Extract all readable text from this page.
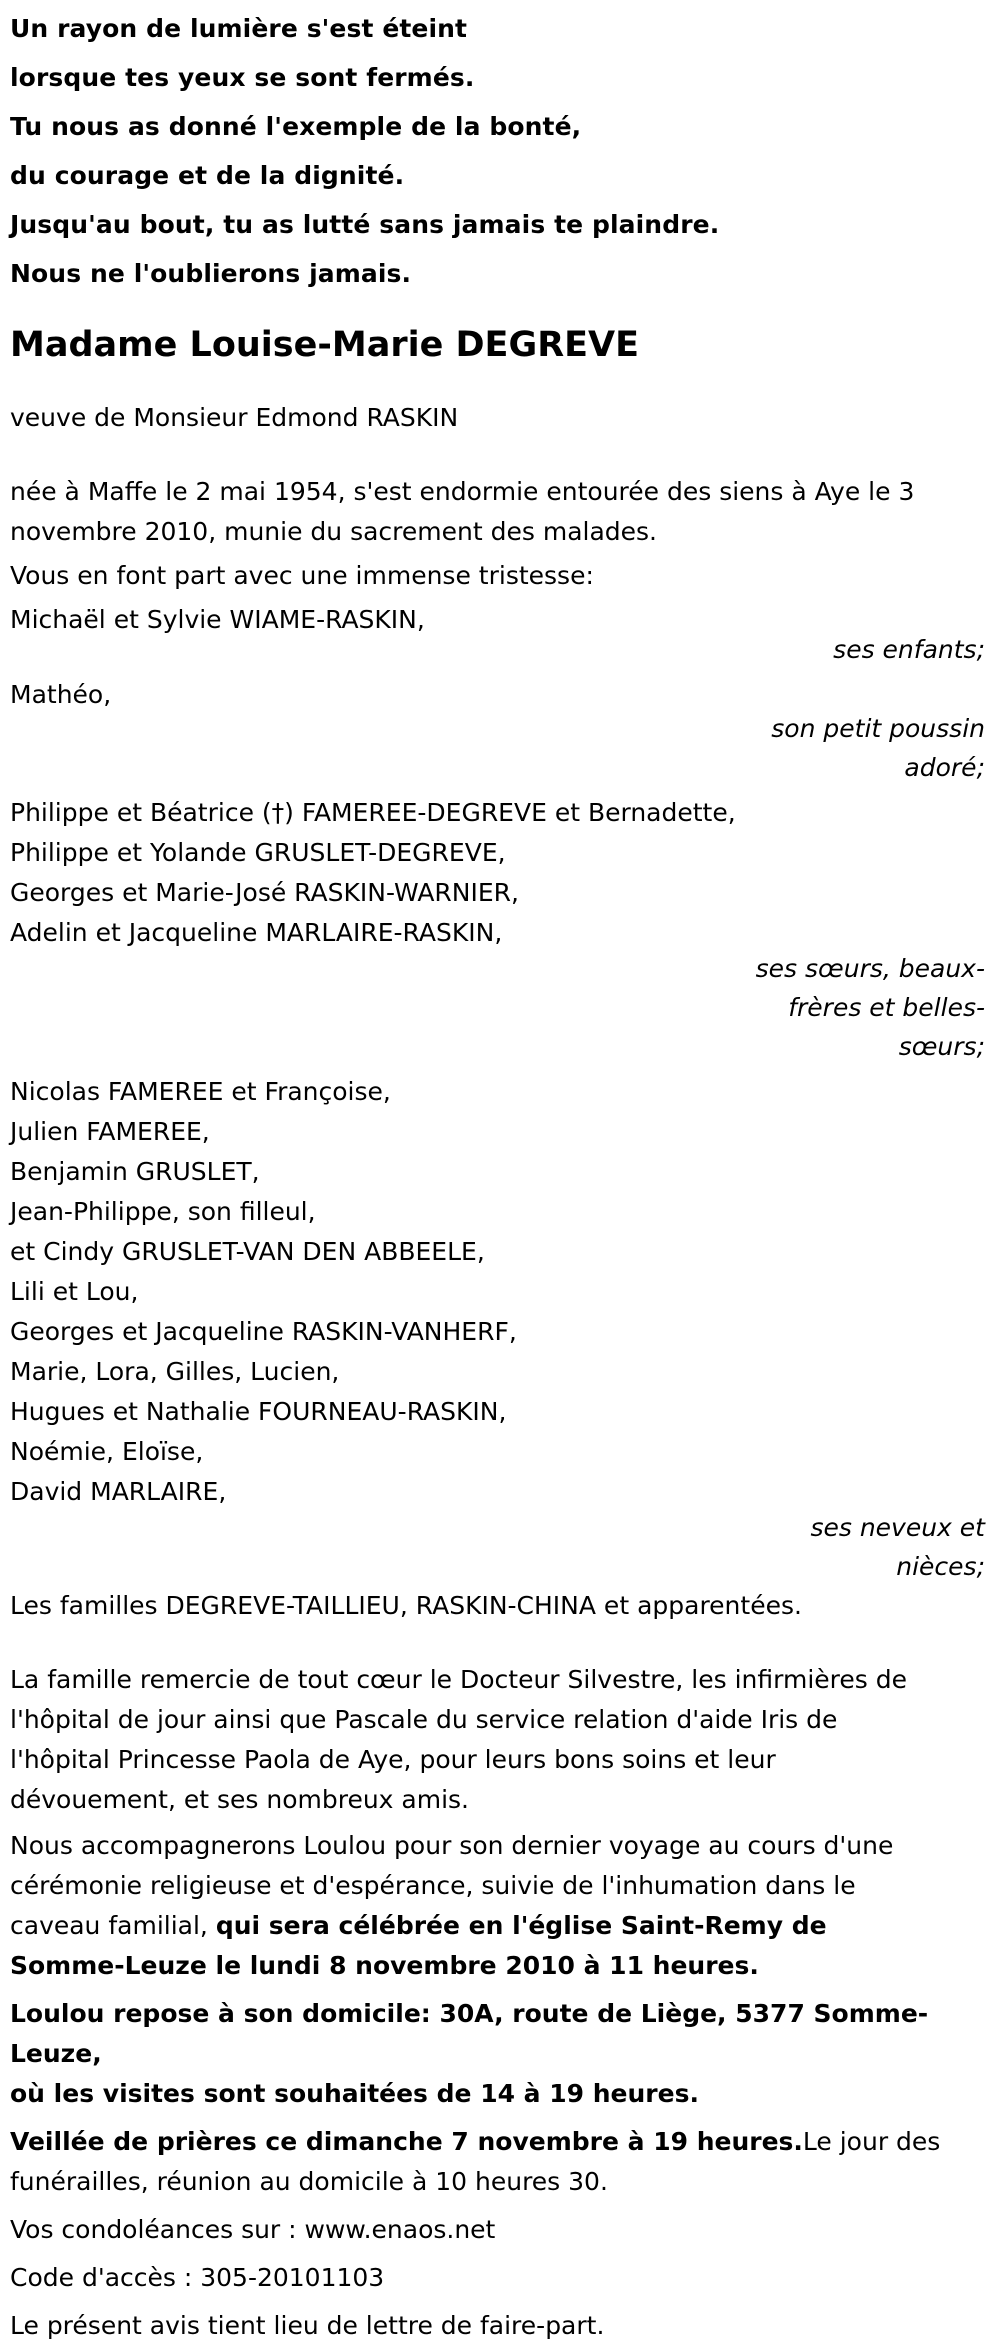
Un rayon de lumière s'est éteint
lorsque tes yeux se sont fermés.
Tu nous as donné l'exemple de la bonté,
du courage et de la dignité.
Jusqu'au bout, tu as lutté sans jamais te plaindre.
Nous ne l'oublierons jamais.
Madame Louise-Marie DEGREVE
veuve de Monsieur Edmond RASKIN
née à Maffe le 2 mai 1954, s'est endormie entourée des siens à Aye le 3
novembre 2010, munie du sacrement des malades.
Vous en font part avec une immense tristesse:
Michaël et Sylvie WIAME-RASKIN,
ses enfants;
Mathéo,
son petit poussin
adoré;
Philippe et Béatrice (†) FAMEREE-DEGREVE et Bernadette,
Philippe et Yolande GRUSLET-DEGREVE,
Georges et Marie-José RASKIN-WARNIER,
Adelin et Jacqueline MARLAIRE-RASKIN,
ses sœurs, beaux-
frères et belles-
sœurs;
Nicolas FAMEREE et Françoise,
Julien FAMEREE,
Benjamin GRUSLET,
Jean-Philippe, son filleul,
et Cindy GRUSLET-VAN DEN ABBEELE,
Lili et Lou,
Georges et Jacqueline RASKIN-VANHERF,
Marie, Lora, Gilles, Lucien,
Hugues et Nathalie FOURNEAU-RASKIN,
Noémie, Eloïse,
David MARLAIRE,
ses neveux et
nièces;
Les familles DEGREVE-TAILLIEU, RASKIN-CHINA et apparentées.
La famille remercie de tout cœur le Docteur Silvestre, les infirmières de
l'hôpital de jour ainsi que Pascale du service relation d'aide Iris de
l'hôpital Princesse Paola de Aye, pour leurs bons soins et leur
dévouement, et ses nombreux amis.
Nous accompagnerons Loulou pour son dernier voyage au cours d'une
cérémonie religieuse et d'espérance, suivie de l'inhumation dans le
caveau familial, qui sera célébrée en l'église Saint-Remy de
Somme-Leuze le lundi 8 novembre 2010 à 11 heures.
Loulou repose à son domicile: 30A, route de Liège, 5377 Somme-Leuze,
où les visites sont souhaitées de 14 à 19 heures.
Veillée de prières ce dimanche 7 novembre à 19 heures.Le jour des
funérailles, réunion au domicile à 10 heures 30.
Vos condoléances sur : www.enaos.net
Code d'accès : 305-20101103
Le présent avis tient lieu de lettre de faire-part.
